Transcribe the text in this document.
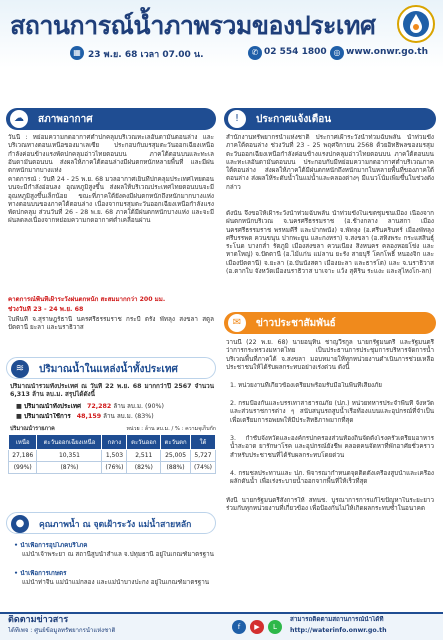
สถานการณ์น้ำภาพรวมของประเทศ
▦ 23 พ.ย. 68 เวลา 07.00 น.	✆ 02 554 1800 ◎ www.onwr.go.th
☁	สภาพอากาศ
วันนี้ : หย่อมความกดอากาศต่ำปกคลุมบริเวณทะเลอันดามันตอนล่าง และบริเวณทางตอนเหนือของมาเลเซีย ประกอบกับมรสุมตะวันออกเฉียงเหนือกำลังค่อนข้างแรงพัดปกคลุมอ่าวไทยตอนบน ภาคใต้ตอนบนและทะเลอันดามันตอนบน ส่งผลให้ภาคใต้ตอนล่างมีฝนตกหนักหลายพื้นที่ และมีฝนตกหนักมากบางแห่ง
คาดการณ์ : วันที่ 24 - 25 พ.ย. 68 มวลอากาศเย็นที่ปกคลุมประเทศไทยตอนบนจะมีกำลังอ่อนลง อุณหภูมิสูงขึ้น ส่งผลให้บริเวณประเทศไทยตอนบนจะมีอุณหภูมิสูงขึ้นเล็กน้อย ขณะที่ภาคใต้ยังคงมีฝนตกหนักถึงหนักมากบางแห่ง ทางตอนบนของภาคใต้ตอนล่าง เนื่องจากมรสุมตะวันออกเฉียงเหนือกำลังแรงพัดปกคลุม ส่วนวันที่ 26 - 28 พ.ย. 68 ภาคใต้มีฝนตกหนักบางแห่ง และจะมีฝนลดลงเนื่องจากหย่อมความกดอากาศต่ำเคลื่อนผ่าน
คาดการณ์พื้นที่เฝ้าระวังฝนตกหนัก สะสมมากกว่า 200 มม.
ช่วงวันที่ 23 - 24 พ.ย. 68
ในพื้นที่ จ.สุราษฎร์ธานี นครศรีธรรมราช กระบี่ ตรัง พัทลุง สงขลา สตูล ปัตตานี ยะลา และนราธิวาส
≋	ปริมาณน้ำในแหล่งน้ำทั้งประเทศ
ปริมาณน้ำรวมทั้งประเทศ ณ วันที่ 22 พ.ย. 68 มากกว่าปี 2567 จำนวน 6,313 ล้าน ลบ.ม. สรุปได้ดังนี้
■ ปริมาณน้ำทั้งประเทศ 72,282 ล้าน ลบ.ม. (90%)
■ ปริมาณน้ำใช้การ 48,159 ล้าน ลบ.ม. (83%)
ปริมาณน้ำรายภาค	หน่วย : ล้าน ลบ.ม. / % : ความจุเก็บกัก
เหนือ	ตะวันออกเฉียงเหนือ	กลาง	ตะวันออก	ตะวันตก	ใต้
27,186	10,351	1,503	2,511	25,005	5,727
(99%)	(87%)	(76%)	(82%)	(88%)	(74%)
●	คุณภาพน้ำ ณ จุดเฝ้าระวัง แม่น้ำสายหลัก
• น้ำเพื่อการอุปโภคบริโภค
แม่น้ำเจ้าพระยา ณ สถานีสูบน้ำสำแล จ.ปทุมธานี อยู่ในเกณฑ์มาตรฐาน
• น้ำเพื่อการเกษตร
แม่น้ำท่าจีน แม่น้ำแม่กลอง และแม่น้ำบางปะกง อยู่ในเกณฑ์มาตรฐาน
!	ประกาศแจ้งเตือน
สำนักงานทรัพยากรน้ำแห่งชาติ ประกาศเฝ้าระวังน้ำท่วมฉับพลัน น้ำท่วมขัง ภาคใต้ตอนล่าง ช่วงวันที่ 23 - 25 พฤศจิกายน 2568 ด้วยอิทธิพลของมรสุมตะวันออกเฉียงเหนือกำลังค่อนข้างแรงปกคลุมอ่าวไทยตอนบน ภาคใต้ตอนบนและทะเลอันดามันตอนบน ประกอบกับมีหย่อมความกดอากาศต่ำบริเวณภาคใต้ตอนล่าง ส่งผลให้ภาคใต้มีฝนตกหนักถึงหนักมากในหลายพื้นที่ของภาคใต้ตอนล่าง ส่งผลให้ระดับน้ำในแม่น้ำและคลองต่างๆ มีแนวโน้มเพิ่มขึ้นในช่วงดังกล่าว
ดังนั้น จึงขอให้เฝ้าระวังน้ำท่วมฉับพลัน น้ำท่วมขังในเขตชุมชนเมือง เนื่องจากฝนตกหนักบริเวณ จ.นครศรีธรรมราช (อ.ช้างกลาง ลานสกา เมืองนครศรีธรรมราช พรหมคีรี และปากพนัง) จ.พัทลุง (อ.ศรีนครินทร์ เมืองพัทลุง ศรีบรรพต ควนขนุน ปากพะยูน และกงหรา) จ.สงขลา (อ.สทิงพระ กระแสสินธุ์ ระโนด บางกล่ำ รัตภูมิ เมืองสงขลา ควนเนียง สิงหนคร คลองหอยโข่ง และหาดใหญ่) จ.ปัตตานี (อ.ไม้แก่น แม่ลาน ยะรัง สายบุรี โคกโพธิ์ หนองจิก และเมืองปัตตานี) จ.ยะลา (อ.บันนังสตา เมืองยะลา และธารโต) และ จ.นราธิวาส (อ.ตากใบ จังหวัดเมืองนราธิวาส บาเจาะ แว้ง สุคิริน ระแงะ และสุไหงโก-ลก)
✉	ข่าวประชาสัมพันธ์
วานนี้ (22 พ.ย. 68) นายอนุทิน ชาญวีรกูล นายกรัฐมนตรี และรัฐมนตรีว่าการกระทรวงมหาดไทย เป็นประธานการประชุมการบริหารจัดการน้ำบริเวณพื้นที่ภาคใต้ จ.สงขลา มอบหมายให้ทุกหน่วยงานดำเนินการช่วยเหลือประชาชนให้ได้รับผลกระทบอย่างเร่งด่วน ดังนี้
1. หน่วยงานที่เกี่ยวข้องเตรียมพร้อมรับมือในพื้นที่เสี่ยงภัย
2. กรมป้องกันและบรรเทาสาธารณภัย (ปภ.) หน่วยทหารประจำพื้นที่ จังหวัด และส่วนราชการต่าง ๆ สนับสนุนรถสูบน้ำเรือท้องแบนและอุปกรณ์ที่จำเป็น เพื่อเตรียมการอพยพให้มีประสิทธิภาพมากที่สุด
3. กำชับจังหวัดและองค์กรปกครองส่วนท้องถิ่นจัดตั้งโรงครัวเตรียมอาหาร น้ำสะอาด ยารักษาโรค และอุปกรณ์ยังชีพ คลอดคนจัดหาที่พักอาศัยชั่วคราวสำหรับประชาชนที่ได้รับผลกระทบโดยด่วน
4. กรมชลประทานและ ปภ. พิจารณากำหนดจุดติดตั้งเครื่องสูบน้ำและเครื่องผลักดันน้ำ เพื่อเร่งระบายน้ำออกจากพื้นที่ให้เร็วที่สุด
ทั้งนี้ นายกรัฐมนตรีสั่งการให้ สทนช. บูรณาการการแก้ไขปัญหาในระยะยาวร่วมกับทุกหน่วยงานที่เกี่ยวข้อง เพื่อป้องกันไม่ให้เกิดผลกระทบซ้ำในอนาคต
ติดตามข่าวสาร
ได้ที่เพจ : ศูนย์ข้อมูลทรัพยากรน้ำแห่งชาติ	f	▶	L
สามารถติดตามสถานการณ์น้ำได้ที่
http://waterinfo.onwr.go.th
